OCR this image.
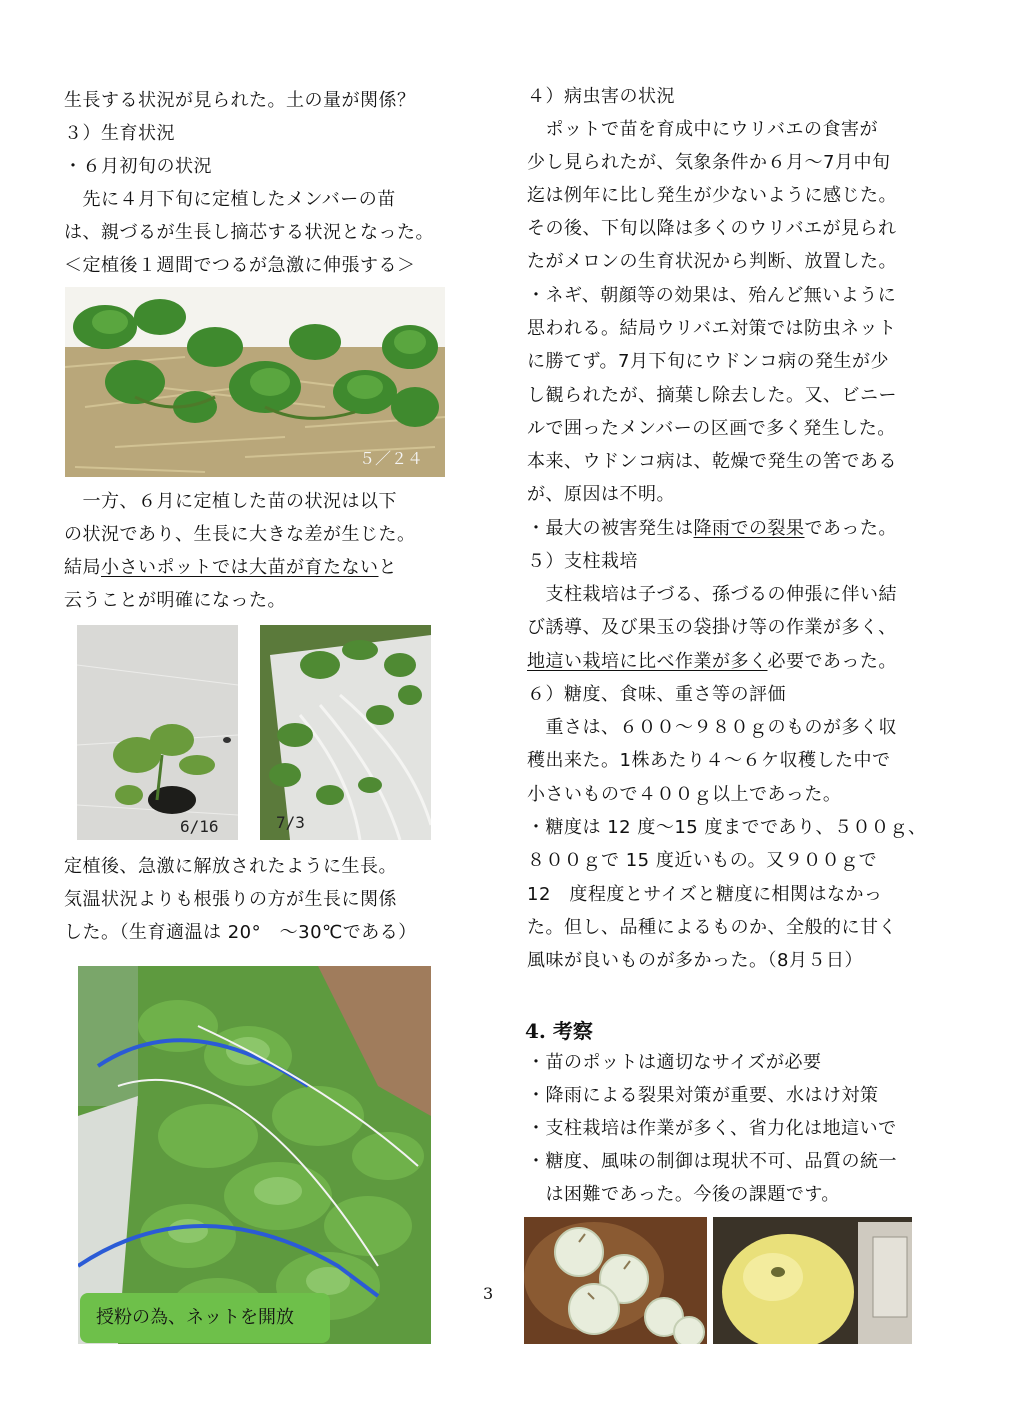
生長する状況が見られた。土の量が関係？
３）生育状況
・６月初旬の状況
　先に４月下旬に定植したメンバーの苗
は、親づるが生長し摘芯する状況となった。
＜定植後１週間でつるが急激に伸張する＞
５／２４
　一方、６月に定植した苗の状況は以下
の状況であり、生長に大きな差が生じた。
結局小さいポットでは大苗が育たないと
云うことが明確になった。
6/16	7/3
定植後、急激に解放されたように生長。
気温状況よりも根張りの方が生長に関係
した。（生育適温は 20°　～30℃である）
授粉の為、ネットを開放
４）病虫害の状況
　ポットで苗を育成中にウリバエの食害が
少し見られたが、気象条件か６月～7月中旬
迄は例年に比し発生が少ないように感じた。
その後、下旬以降は多くのウリバエが見られ
たがメロンの生育状況から判断、放置した。
・ネギ、朝顔等の効果は、殆んど無いように
思われる。結局ウリバエ対策では防虫ネット
に勝てず。7月下旬にウドンコ病の発生が少
し観られたが、摘葉し除去した。又、ビニー
ルで囲ったメンバーの区画で多く発生した。
本来、ウドンコ病は、乾燥で発生の筈である
が、原因は不明。
・最大の被害発生は降雨での裂果であった。
５）支柱栽培
　支柱栽培は子づる、孫づるの伸張に伴い結
び誘導、及び果玉の袋掛け等の作業が多く、
地這い栽培に比べ作業が多く必要であった。
６）糖度、食味、重さ等の評価
　重さは、６００～９８０ｇのものが多く収
穫出来た。1株あたり４～６ケ収穫した中で
小さいもので４００ｇ以上であった。
・糖度は 12 度～15 度までであり、５００ｇ、
８００ｇで 15 度近いもの。又９００ｇで
12　度程度とサイズと糖度に相関はなかっ
た。但し、品種によるものか、全般的に甘く
風味が良いものが多かった。（8月５日）
4. 考察
・苗のポットは適切なサイズが必要
・降雨による裂果対策が重要、水はけ対策
・支柱栽培は作業が多く、省力化は地這いで
・糖度、風味の制御は現状不可、品質の統一
　は困難であった。今後の課題です。
3
